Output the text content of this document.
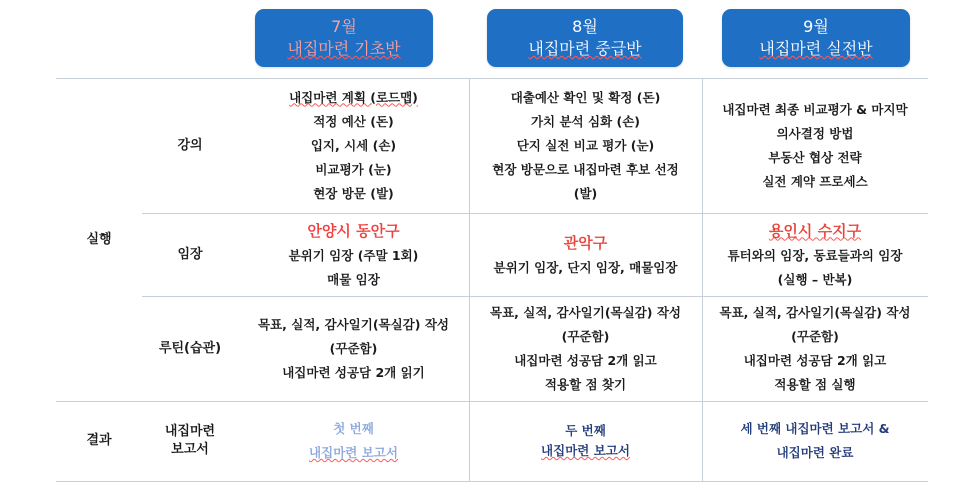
7월
내집마련 기초반
8월
내집마련 중급반
9월
내집마련 실전반
실행
결과
강의
임장
루틴(습관)
내집마련
보고서
내집마련 계획 (로드맵)
적정 예산 (돈)
입지, 시세 (손)
비교평가 (눈)
현장 방문 (발)
대출예산 확인 및 확정 (돈)
가치 분석 심화 (손)
단지 실전 비교 평가 (눈)
현장 방문으로 내집마련 후보 선정
(발)
내집마련 최종 비교평가 & 마지막
의사결정 방법
부동산 협상 전략
실전 계약 프로세스
안양시 동안구
분위기 임장 (주말 1회)
매물 임장
관악구
분위기 임장, 단지 임장, 매물임장
용인시 수지구
튜터와의 임장, 동료들과의 임장
(실행 – 반복)
목표, 실적, 감사일기(목실감) 작성
(꾸준함)
내집마련 성공담 2개 읽기
목표, 실적, 감사일기(목실감) 작성
(꾸준함)
내집마련 성공담 2개 읽고
적용할 점 찾기
목표, 실적, 감사일기(목실감) 작성
(꾸준함)
내집마련 성공담 2개 읽고
적용할 점 실행
첫 번째
내집마련 보고서
두 번째
내집마련 보고서
세 번째 내집마련 보고서 &
내집마련 완료
